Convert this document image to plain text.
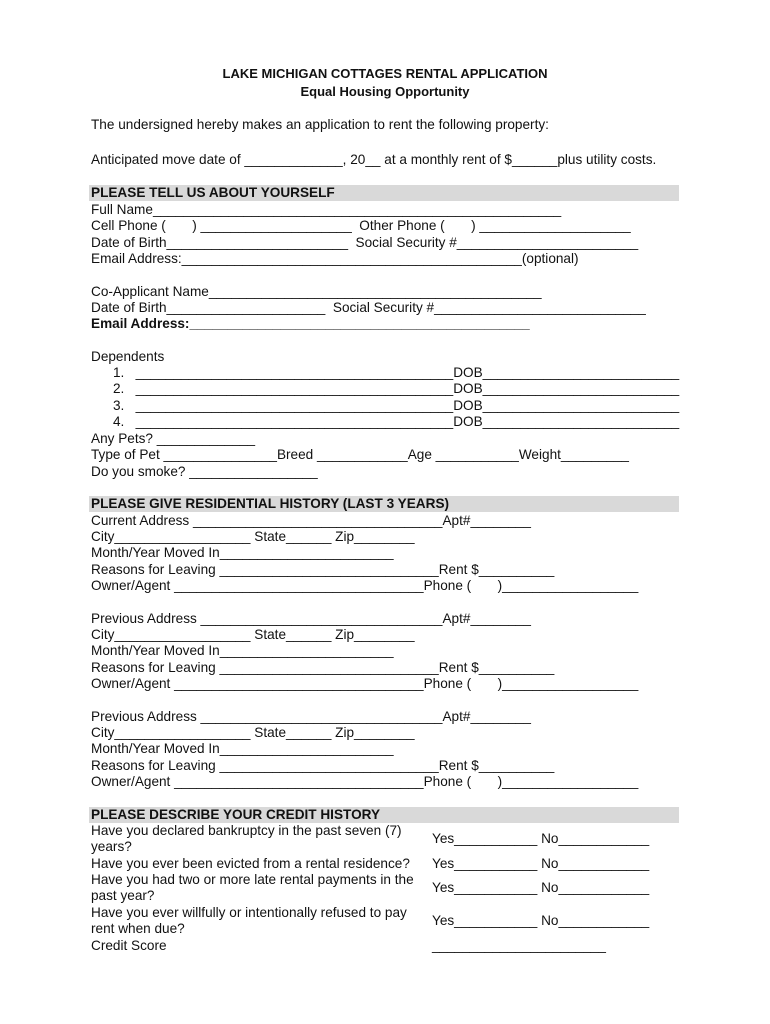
LAKE MICHIGAN COTTAGES RENTAL APPLICATION
Equal Housing Opportunity
The undersigned hereby makes an application to rent the following property:
Anticipated move date of _____________, 20__ at a monthly rent of $______plus utility costs.
PLEASE TELL US ABOUT YOURSELF
Full Name______________________________________________________
Cell Phone (       ) ____________________  Other Phone (       ) ____________________
Date of Birth________________________  Social Security #________________________
Email Address:_____________________________________________(optional)
Co-Applicant Name____________________________________________
Date of Birth_____________________  Social Security #____________________________
Email Address:_____________________________________________
Dependents
1.   __________________________________________DOB__________________________
2.   __________________________________________DOB__________________________
3.   __________________________________________DOB__________________________
4.   __________________________________________DOB__________________________
Any Pets? _____________
Type of Pet _______________Breed ____________Age ___________Weight_________
Do you smoke? _________________
PLEASE GIVE RESIDENTIAL HISTORY (LAST 3 YEARS)
Current Address _________________________________Apt#________
City__________________ State______ Zip________
Month/Year Moved In_______________________
Reasons for Leaving _____________________________Rent $__________
Owner/Agent _________________________________Phone (       )__________________
Previous Address ________________________________Apt#________
City__________________ State______ Zip________
Month/Year Moved In_______________________
Reasons for Leaving _____________________________Rent $__________
Owner/Agent _________________________________Phone (       )__________________
Previous Address ________________________________Apt#________
City__________________ State______ Zip________
Month/Year Moved In_______________________
Reasons for Leaving _____________________________Rent $__________
Owner/Agent _________________________________Phone (       )__________________
PLEASE DESCRIBE YOUR CREDIT HISTORY
Have you declared bankruptcy in the past seven (7) years?
Yes___________ No____________
Have you ever been evicted from a rental residence?	Yes___________ No____________
Have you had two or more late rental payments in the past year?
Yes___________ No____________
Have you ever willfully or intentionally refused to pay rent when due?
Yes___________ No____________
Credit Score	_______________________
